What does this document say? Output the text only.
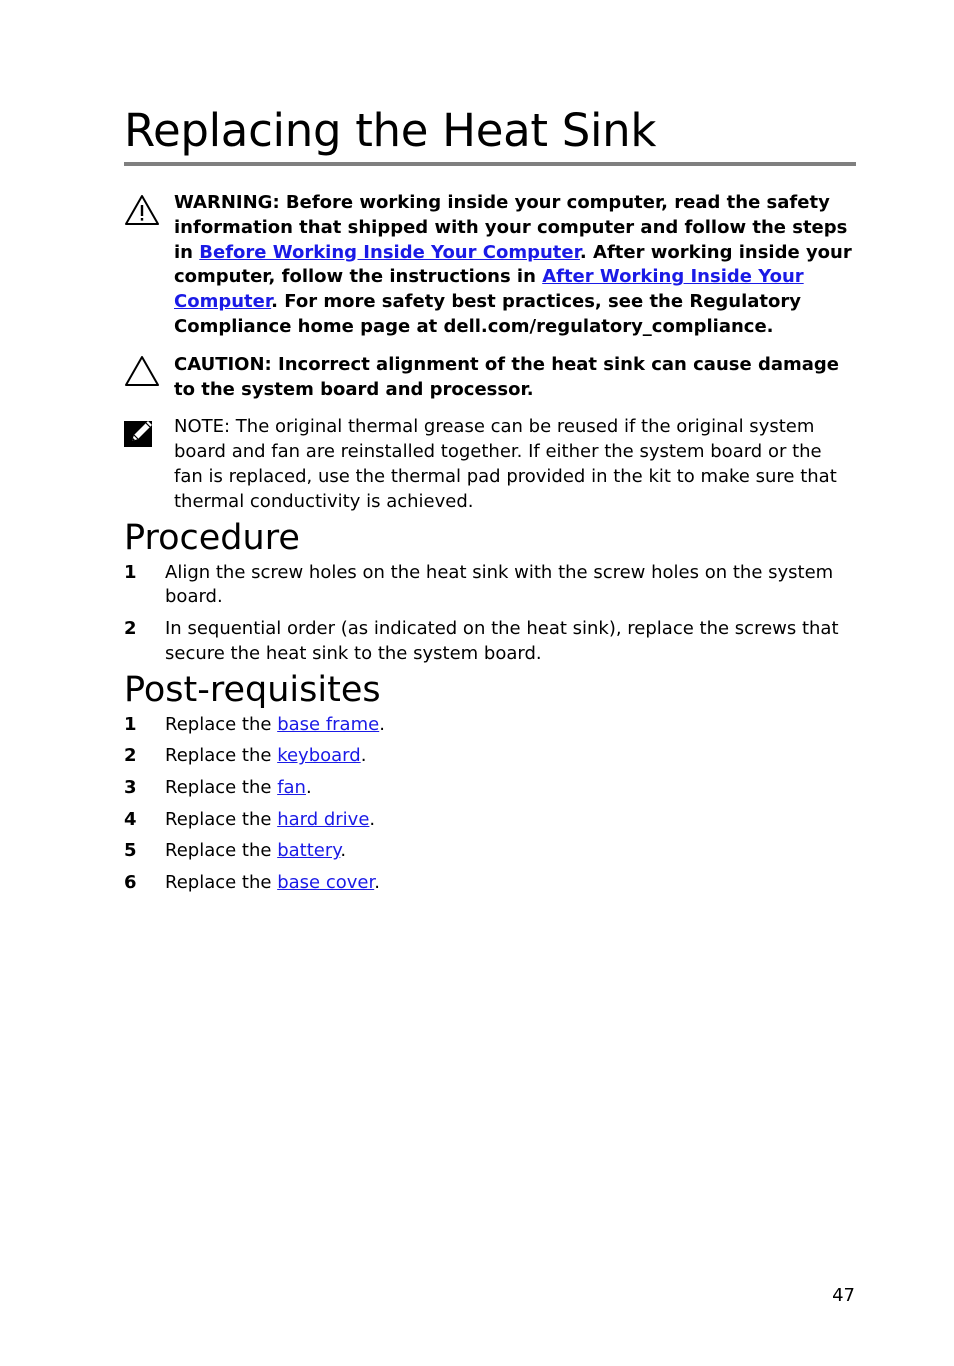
Replacing the Heat Sink
WARNING: Before working inside your computer, read the safety information that shipped with your computer and follow the steps in Before Working Inside Your Computer. After working inside your computer, follow the instructions in After Working Inside Your Computer. For more safety best practices, see the Regulatory Compliance home page at dell.com/regulatory_compliance.
CAUTION: Incorrect alignment of the heat sink can cause damage to the system board and processor.
NOTE: The original thermal grease can be reused if the original system board and fan are reinstalled together. If either the system board or the fan is replaced, use the thermal pad provided in the kit to make sure that thermal conductivity is achieved.
Procedure
1 Align the screw holes on the heat sink with the screw holes on the system board.
2 In sequential order (as indicated on the heat sink), replace the screws that secure the heat sink to the system board.
Post-requisites
1 Replace the base frame.
2 Replace the keyboard.
3 Replace the fan.
4 Replace the hard drive.
5 Replace the battery.
6 Replace the base cover.
47
